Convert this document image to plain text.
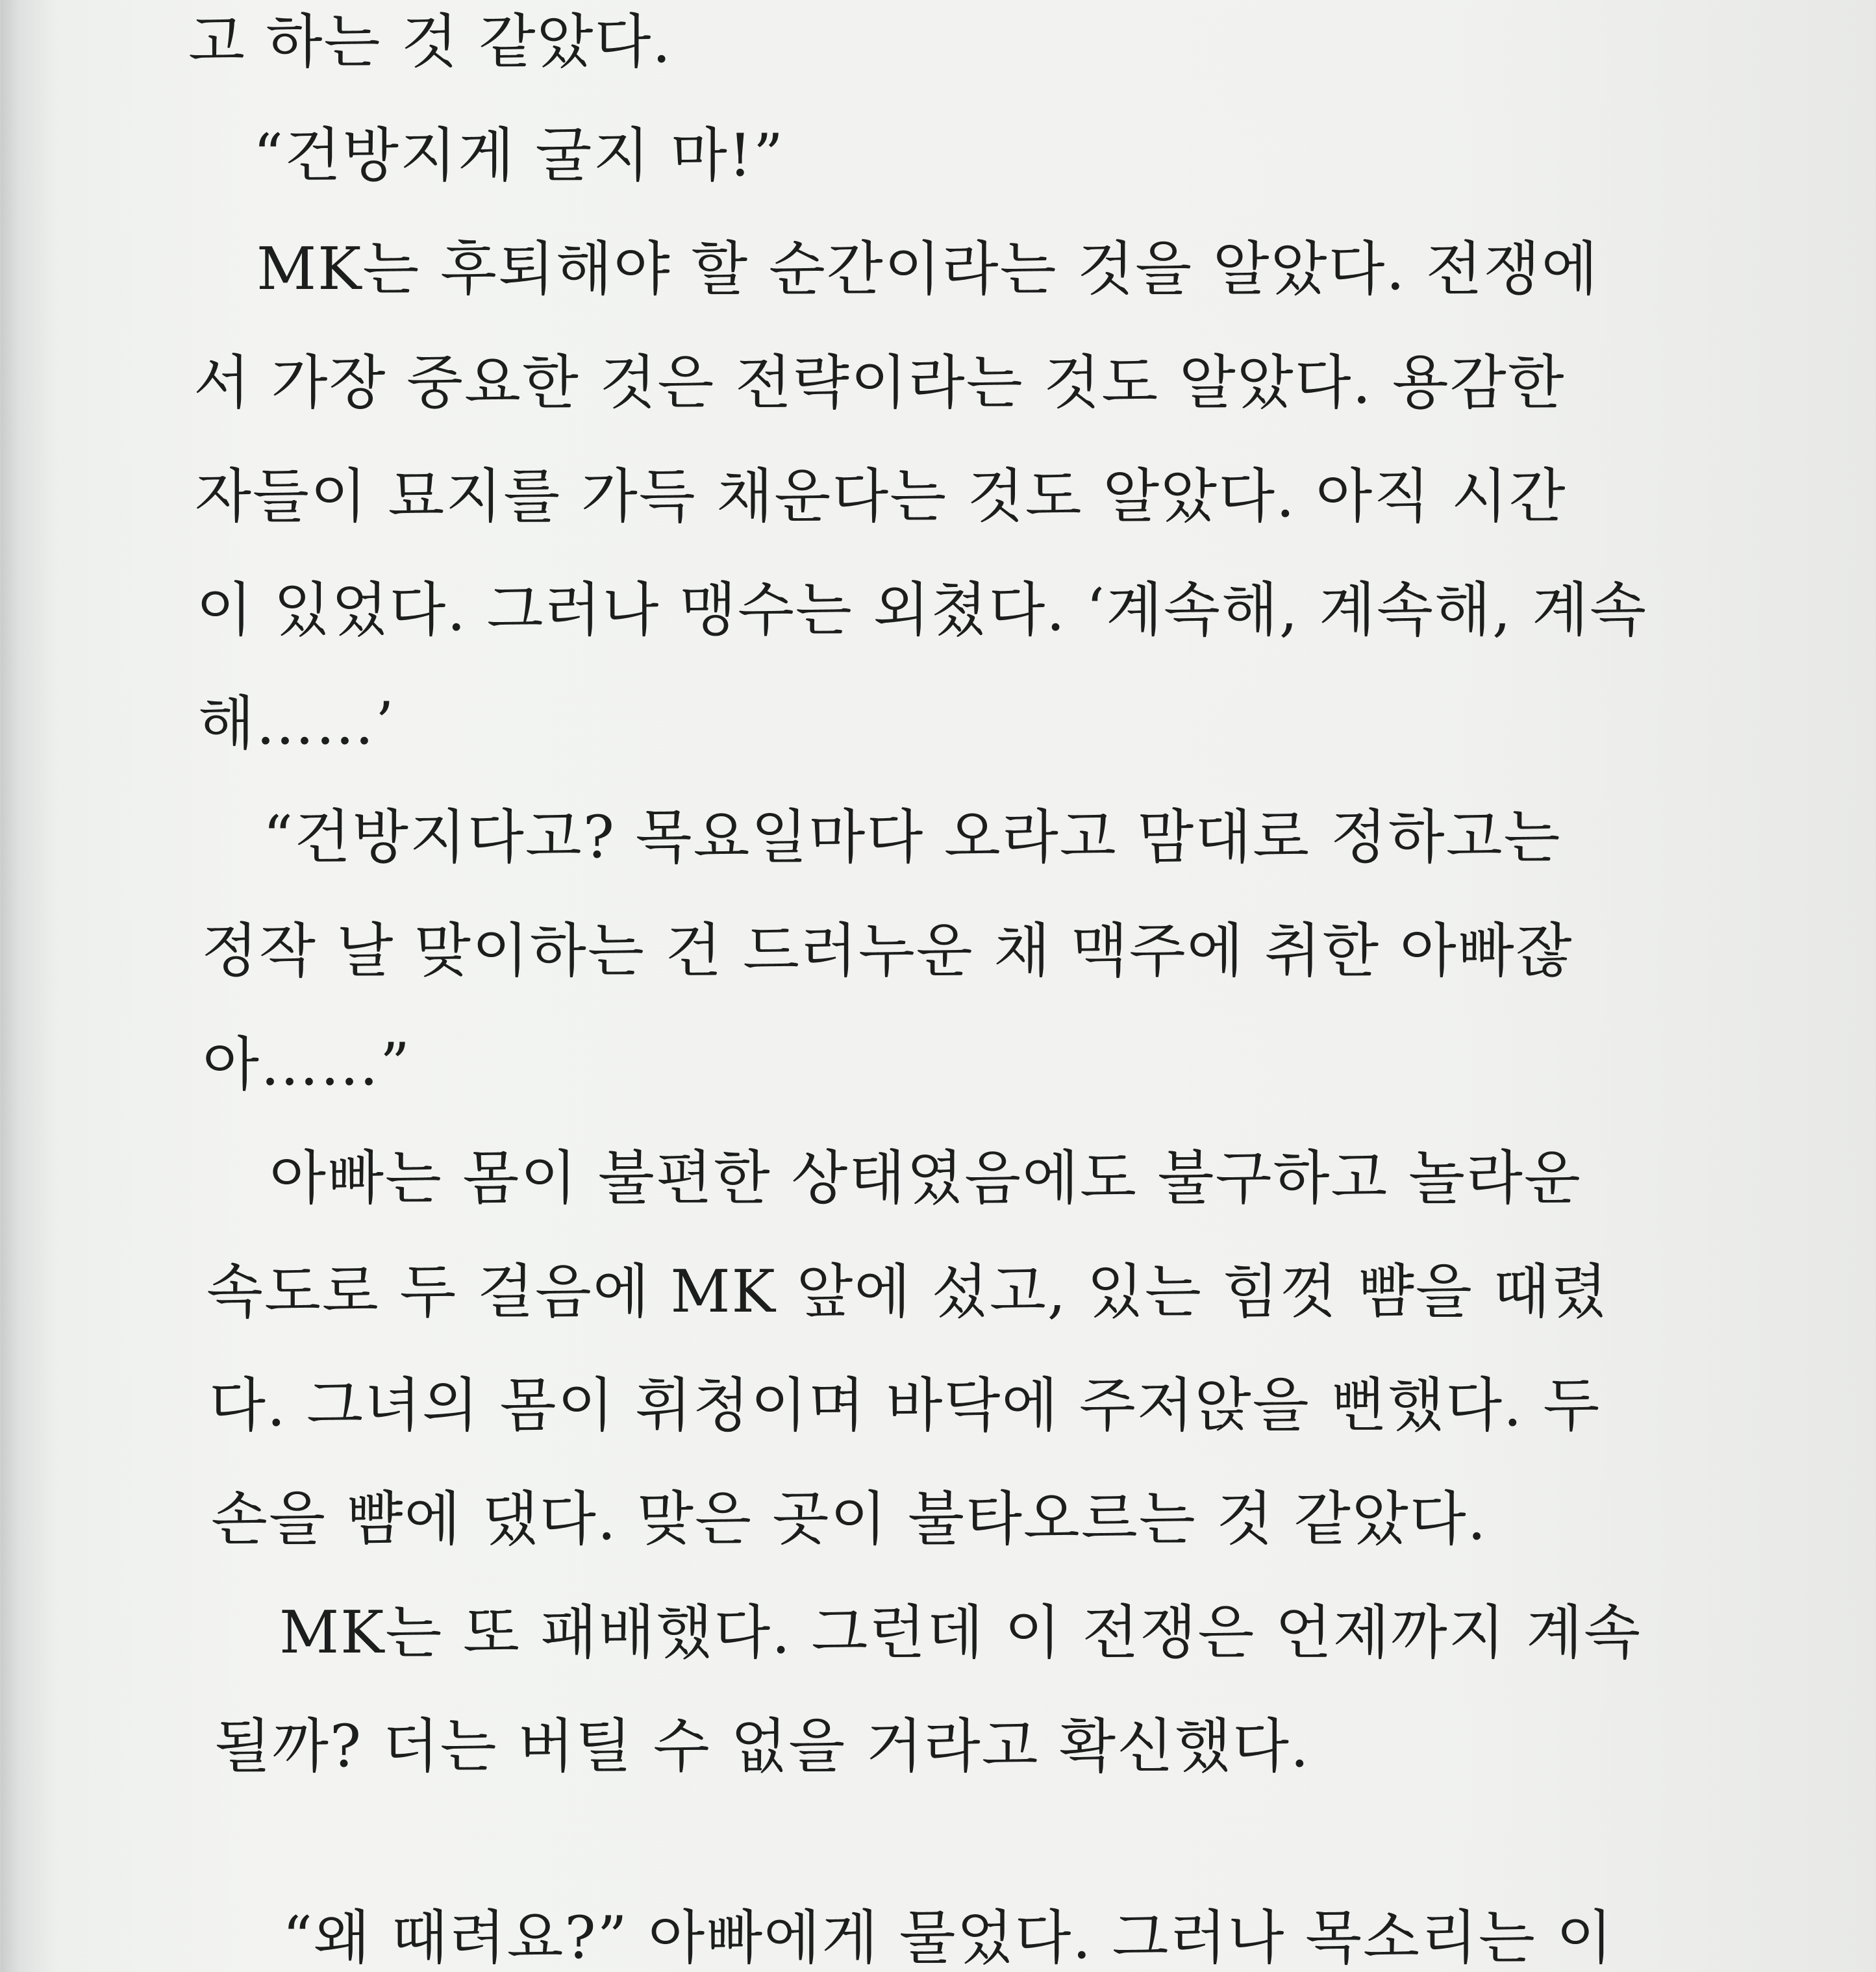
고 하는 것 같았다.
“건방지게 굴지 마!”
MK는 후퇴해야 할 순간이라는 것을 알았다. 전쟁에
서 가장 중요한 것은 전략이라는 것도 알았다. 용감한
자들이 묘지를 가득 채운다는 것도 알았다. 아직 시간
이 있었다. 그러나 맹수는 외쳤다. ‘계속해, 계속해, 계속
해……’
“건방지다고? 목요일마다 오라고 맘대로 정하고는
정작 날 맞이하는 건 드러누운 채 맥주에 취한 아빠잖
아……”
아빠는 몸이 불편한 상태였음에도 불구하고 놀라운
속도로 두 걸음에 MK 앞에 섰고, 있는 힘껏 뺨을 때렸
다. 그녀의 몸이 휘청이며 바닥에 주저앉을 뻔했다. 두
손을 뺨에 댔다. 맞은 곳이 불타오르는 것 같았다.
MK는 또 패배했다. 그런데 이 전쟁은 언제까지 계속
될까? 더는 버틸 수 없을 거라고 확신했다.
“왜 때려요?” 아빠에게 물었다. 그러나 목소리는 이
